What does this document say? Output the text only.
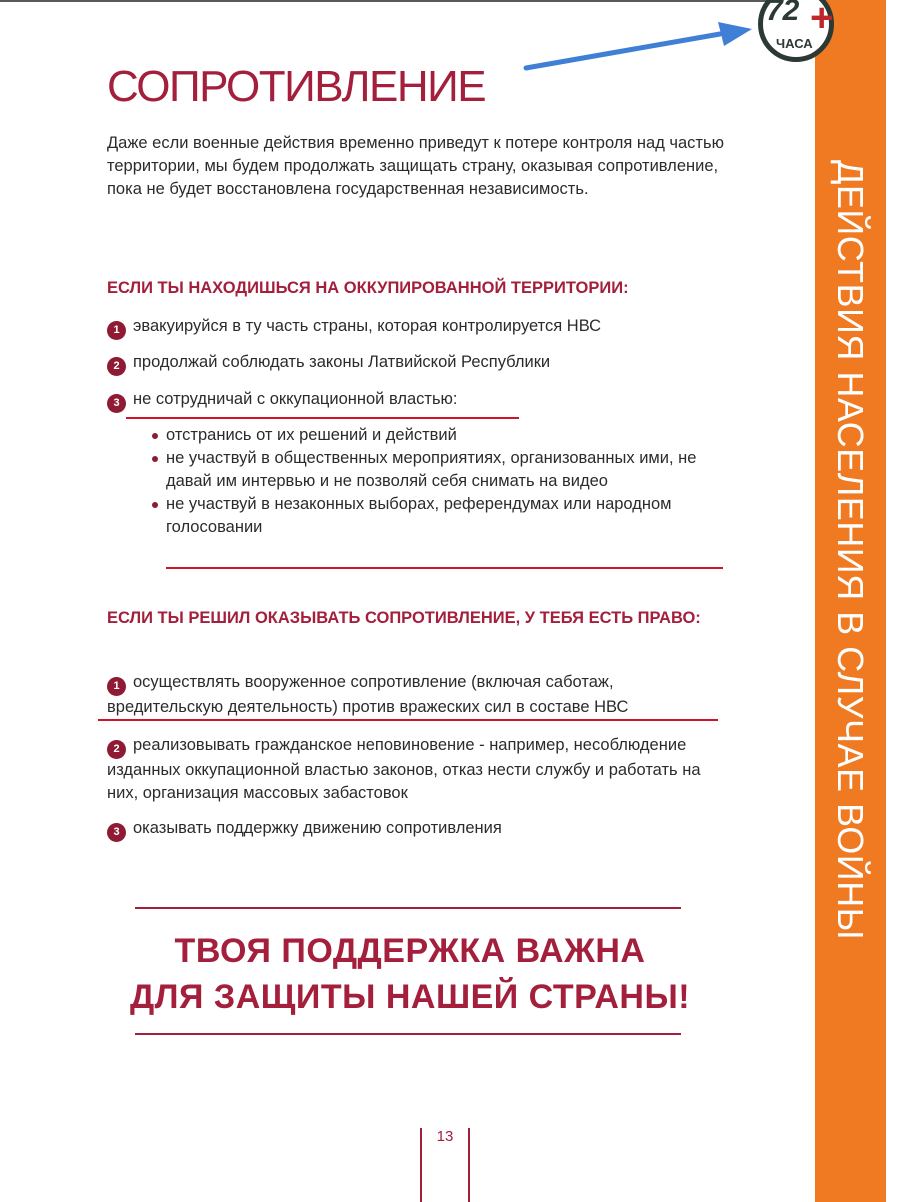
ДЕЙСТВИЯ НАСЕЛЕНИЯ В СЛУЧАЕ ВОЙНЫ
72 +
ЧАСА
СОПРОТИВЛЕНИЕ
Даже если военные действия временно приведут к потере контроля над частью территории, мы будем продолжать защищать страну, оказывая сопротивление, пока не будет восстановлена государственная независимость.
ЕСЛИ ТЫ НАХОДИШЬСЯ НА ОККУПИРОВАННОЙ ТЕРРИТОРИИ:
1 эвакуируйся в ту часть страны, которая контролируется НВС
2 продолжай соблюдать законы Латвийской Республики
3 не сотрудничай с оккупационной властью:
отстранись от их решений и действий
не участвуй в общественных мероприятиях, организованных ими, не давай им интервью и не позволяй себя снимать на видео
не участвуй в незаконных выборах, референдумах или народном голосовании
ЕСЛИ ТЫ РЕШИЛ ОКАЗЫВАТЬ СОПРОТИВЛЕНИЕ, У ТЕБЯ ЕСТЬ ПРАВО:
1 осуществлять вооруженное сопротивление (включая саботаж, вредительскую деятельность) против вражеских сил в составе НВС
2 реализовывать гражданское неповиновение - например, несоблюдение изданных оккупационной властью законов, отказ нести службу и работать на них, организация массовых забастовок
3 оказывать поддержку движению сопротивления
ТВОЯ ПОДДЕРЖКА ВАЖНА
ДЛЯ ЗАЩИТЫ НАШЕЙ СТРАНЫ!
13
